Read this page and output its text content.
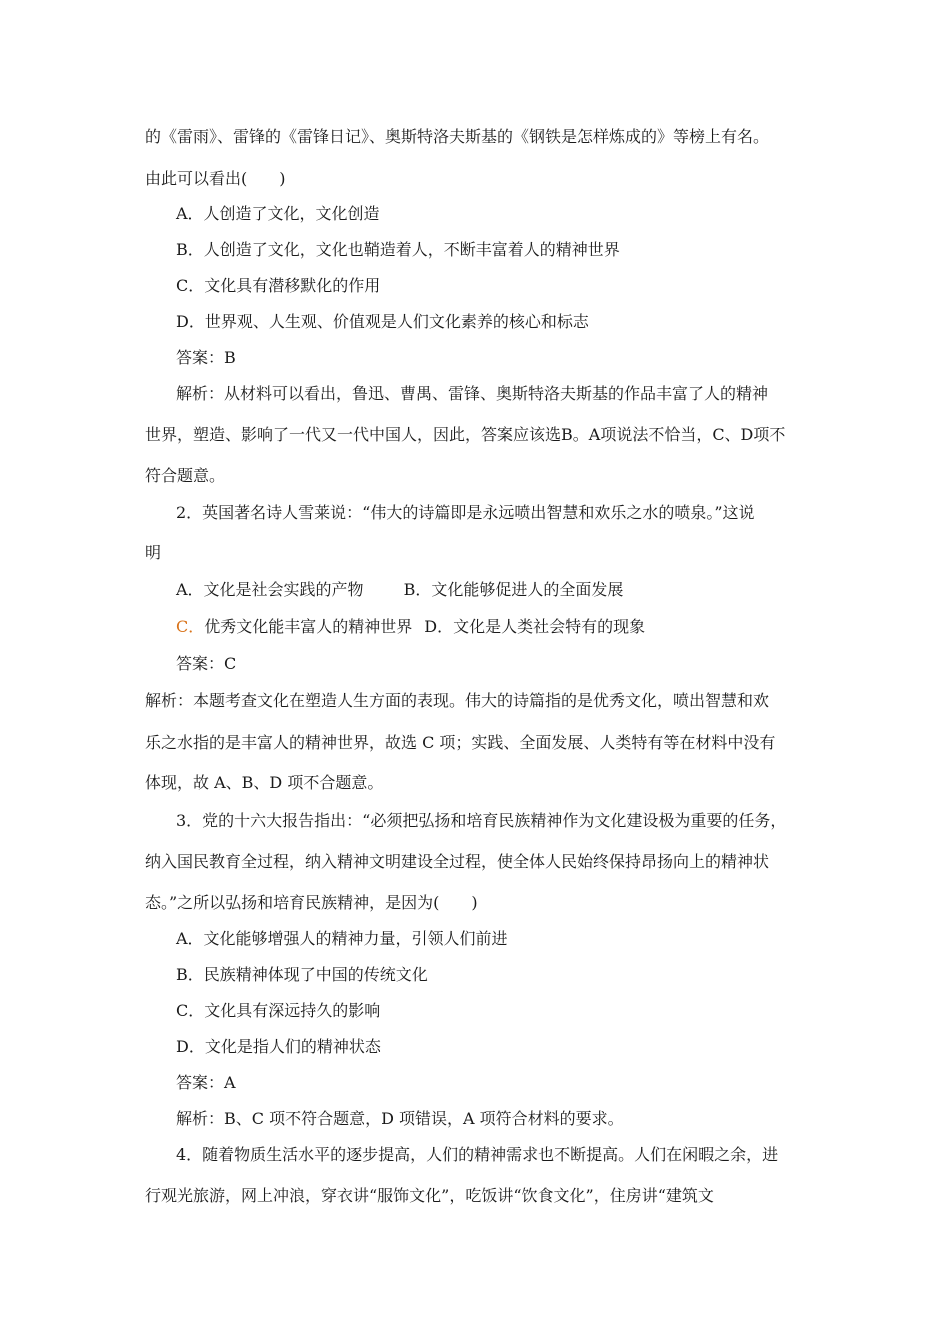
的《雷雨》、雷锋的《雷锋日记》、奥斯特洛夫斯基的《钢铁是怎样炼成的》等榜上有名。
由此可以看出(　　)
A．人创造了文化，文化创造
B．人创造了文化，文化也鞘造着人，不断丰富着人的精神世界
C．文化具有潜移默化的作用
D．世界观、人生观、价值观是人们文化素养的核心和标志
答案：B
解析：从材料可以看出，鲁迅、曹禺、雷锋、奥斯特洛夫斯基的作品丰富了人的精神
世界，塑造、影响了一代又一代中国人，因此，答案应该选B。A项说法不恰当，C、D项不
符合题意。
2．英国著名诗人雪莱说：“伟大的诗篇即是永远喷出智慧和欢乐之水的喷泉。”这说
明
A．文化是社会实践的产物	B．文化能够促进人的全面发展
C．优秀文化能丰富人的精神世界 D．文化是人类社会特有的现象
答案：C
解析：本题考查文化在塑造人生方面的表现。伟大的诗篇指的是优秀文化，喷出智慧和欢
乐之水指的是丰富人的精神世界，故选 C 项；实践、全面发展、人类特有等在材料中没有
体现，故 A、B、D 项不合题意。
3．党的十六大报告指出：“必须把弘扬和培育民族精神作为文化建设极为重要的任务，
纳入国民教育全过程，纳入精神文明建设全过程，使全体人民始终保持昂扬向上的精神状
态。”之所以弘扬和培育民族精神，是因为(　　)
A．文化能够增强人的精神力量，引领人们前进
B．民族精神体现了中国的传统文化
C．文化具有深远持久的影响
D．文化是指人们的精神状态
答案：A
解析：B、C 项不符合题意，D 项错误，A 项符合材料的要求。
4．随着物质生活水平的逐步提高，人们的精神需求也不断提高。人们在闲暇之余，进
行观光旅游，网上冲浪，穿衣讲“服饰文化”，吃饭讲“饮食文化”，住房讲“建筑文
